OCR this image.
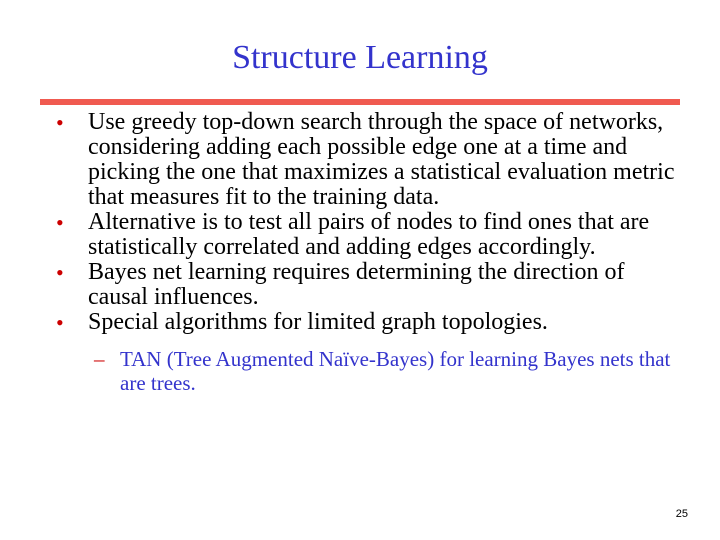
Structure Learning
• Use greedy top-down search through the space of networks, considering adding each possible edge one at a time and picking the one that maximizes a statistical evaluation metric that measures fit to the training data.
• Alternative is to test all pairs of nodes to find ones that are statistically correlated and adding edges accordingly.
• Bayes net learning requires determining the direction of causal influences.
• Special algorithms for limited graph topologies.
– TAN (Tree Augmented Naïve-Bayes) for learning Bayes nets that are trees.
25
